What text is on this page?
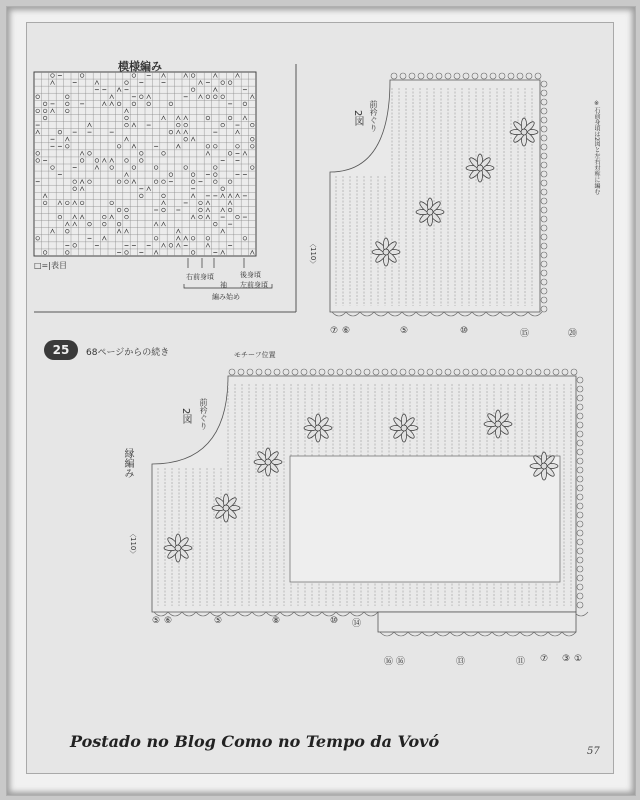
模様編み
□=|表目
右前身頃
袖
後身頃
左前身頃
編み始め
2図 前衿ぐり	※石前身頃は2図と左右対称に編む
〈110〉
⑦ ⑥	⑤	⑩	⑮	⑳
25	68ページからの続き
2図 前衿ぐり
縁編み
モチーフ位置
〈110〉
⑤ ⑥	⑤	⑧	⑩ ⑭
⑯ ⑯	⑬	⑪ ⑦ ③ ①
Postado no Blog Como no Tempo da Vovó
57
